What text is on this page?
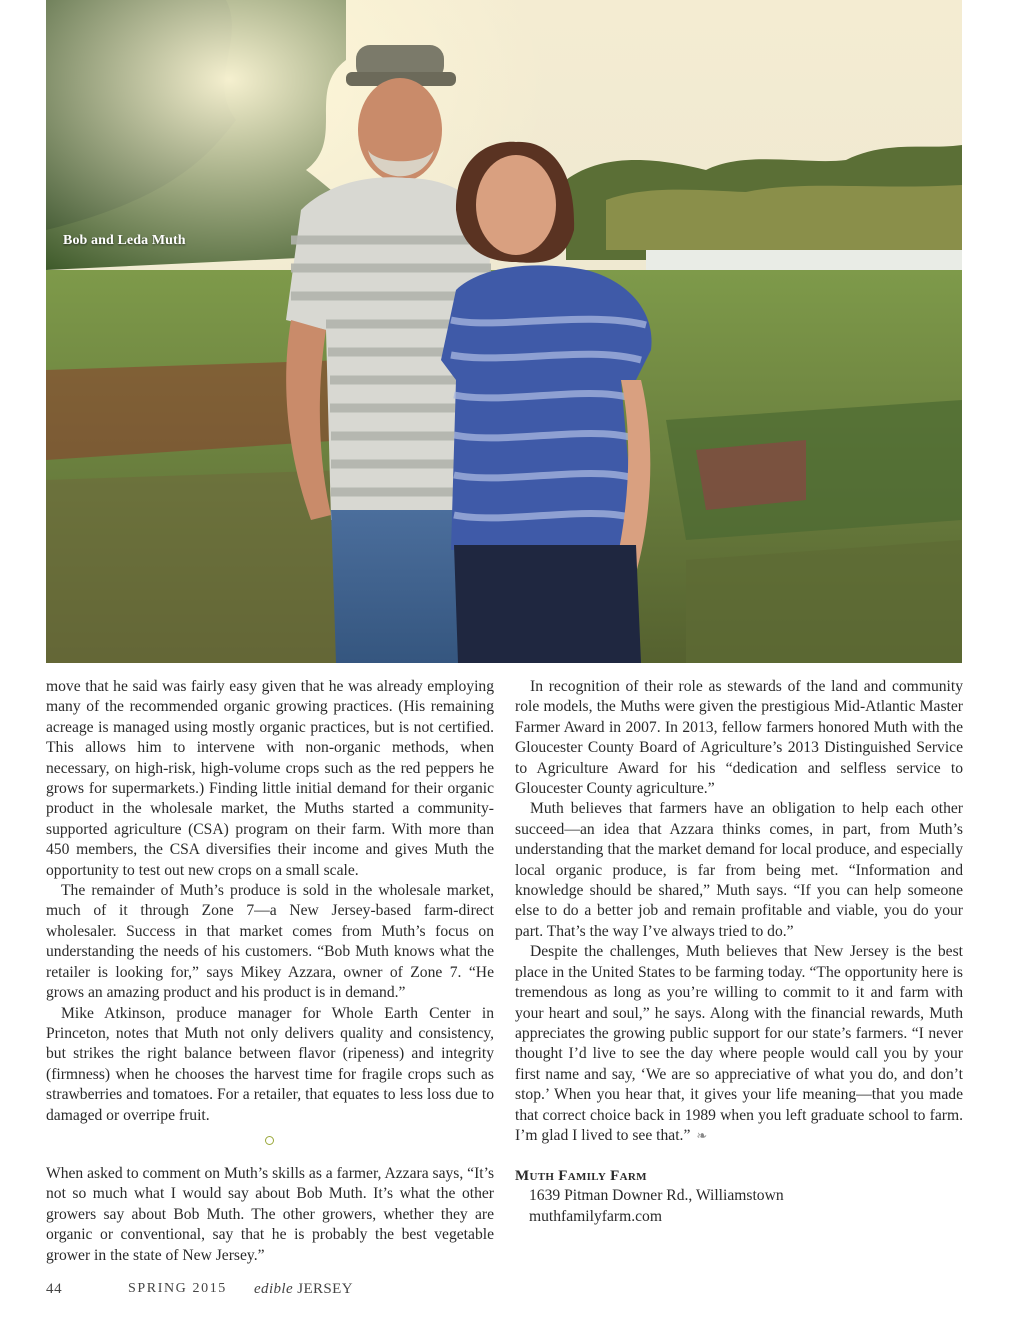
Bob and Leda Muth

move that he said was fairly easy given that he was already employing many of the recommended organic growing practices. (His remaining acreage is managed using mostly organic practices, but is not certified. This allows him to intervene with non-organic methods, when necessary, on high-risk, high-volume crops such as the red peppers he grows for supermarkets.) Finding little initial demand for their organic product in the wholesale market, the Muths started a community-supported agriculture (CSA) program on their farm. With more than 450 members, the CSA diversifies their income and gives Muth the opportunity to test out new crops on a small scale.

The remainder of Muth’s produce is sold in the wholesale market, much of it through Zone 7—a New Jersey-based farm-direct wholesaler. Success in that market comes from Muth’s focus on understanding the needs of his customers. “Bob Muth knows what the retailer is looking for,” says Mikey Azzara, owner of Zone 7. “He grows an amazing product and his product is in demand.”

Mike Atkinson, produce manager for Whole Earth Center in Princeton, notes that Muth not only delivers quality and consistency, but strikes the right balance between flavor (ripeness) and integrity (firmness) when he chooses the harvest time for fragile crops such as strawberries and tomatoes. For a retailer, that equates to less loss due to damaged or overripe fruit.

When asked to comment on Muth’s skills as a farmer, Azzara says, “It’s not so much what I would say about Bob Muth. It’s what the other growers say about Bob Muth. The other growers, whether they are organic or conventional, say that he is probably the best vegetable grower in the state of New Jersey.”

In recognition of their role as stewards of the land and community role models, the Muths were given the prestigious Mid-Atlantic Master Farmer Award in 2007. In 2013, fellow farmers honored Muth with the Gloucester County Board of Agriculture’s 2013 Distinguished Service to Agriculture Award for his “dedication and selfless service to Gloucester County agriculture.”

Muth believes that farmers have an obligation to help each other succeed—an idea that Azzara thinks comes, in part, from Muth’s understanding that the market demand for local produce, and especially local organic produce, is far from being met. “Information and knowledge should be shared,” Muth says. “If you can help someone else to do a better job and remain profitable and viable, you do your part. That’s the way I’ve always tried to do.”

Despite the challenges, Muth believes that New Jersey is the best place in the United States to be farming today. “The opportunity here is tremendous as long as you’re willing to commit to it and farm with your heart and soul,” he says. Along with the financial rewards, Muth appreciates the growing public support for our state’s farmers. “I never thought I’d live to see the day where people would call you by your first name and say, ‘We are so appreciative of what you do, and don’t stop.’ When you hear that, it gives your life meaning—that you made that correct choice back in 1989 when you left graduate school to farm. I’m glad I lived to see that.” ❧

Muth Family Farm
1639 Pitman Downer Rd., Williamstown
muthfamilyfarm.com
44	SPRING 2015 edible JERSEY
